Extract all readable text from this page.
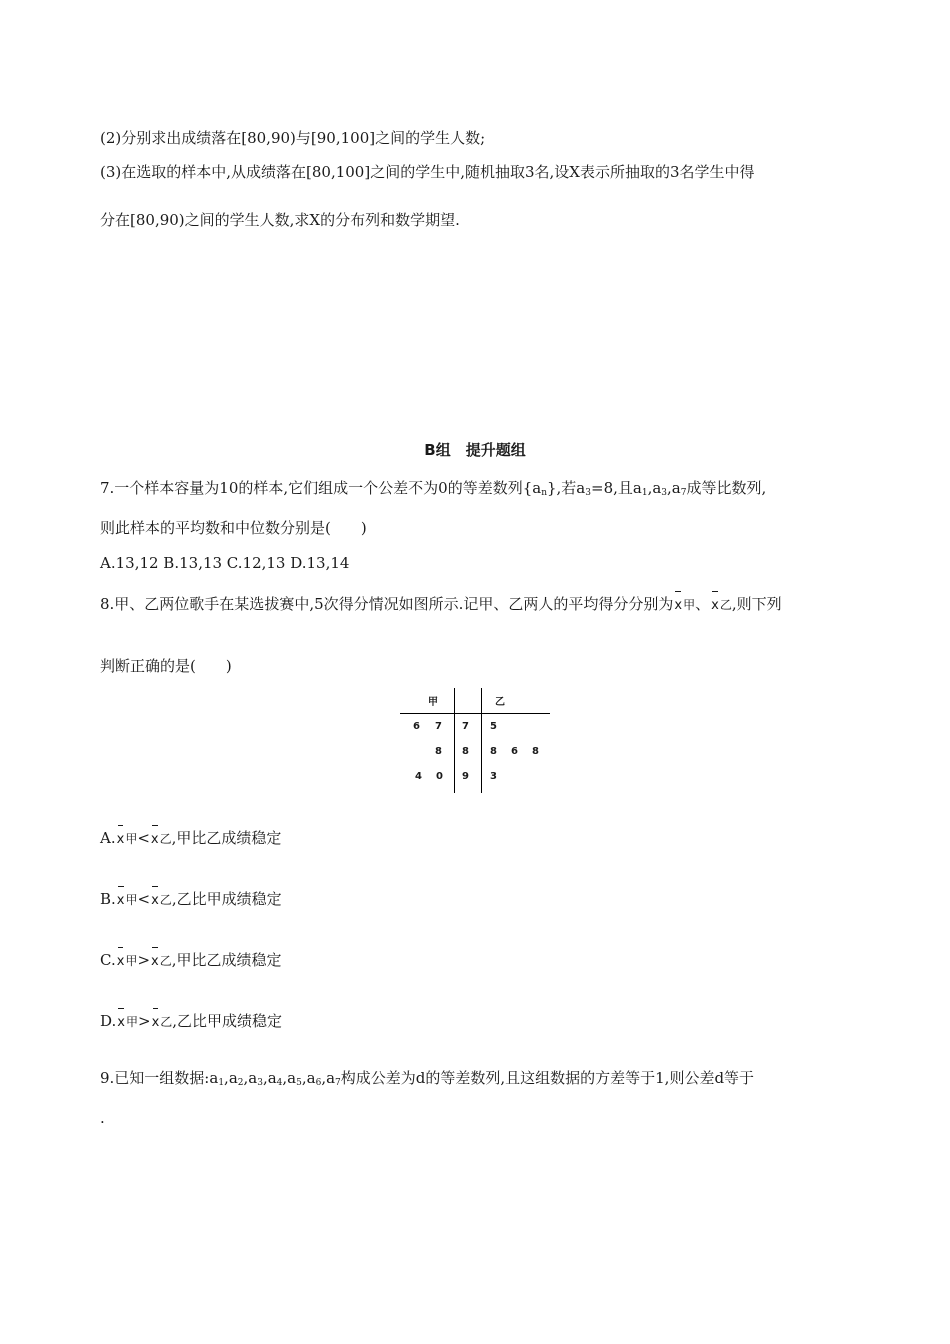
(2)分别求出成绩落在[80,90)与[90,100]之间的学生人数;
(3)在选取的样本中,从成绩落在[80,100]之间的学生中,随机抽取3名,设X表示所抽取的3名学生中得
分在[80,90)之间的学生人数,求X的分布列和数学期望.
B组　提升题组
7.一个样本容量为10的样本,它们组成一个公差不为0的等差数列$\{a_n\}$,若$a_3=8$,且$a_1,a_3,a_7$成等比数列,
则此样本的平均数和中位数分别是(　　)
A.13,12 B.13,13 C.12,13 D.13,14
8.甲、乙两位歌手在某选拔赛中,5次得分情况如图所示.记甲、乙两人的平均得分分别为x甲、x乙,则下列
判断正确的是(　　)
甲	乙
6 7 7 5
8 8 8 6 8
4 0 9 3
A.x甲<x乙,甲比乙成绩稳定
B.x甲<x乙,乙比甲成绩稳定
C.x甲>x乙,甲比乙成绩稳定
D.x甲>x乙,乙比甲成绩稳定
9.已知一组数据$:a_1,a_2,a_3,a_4,a_5,a_6,a_7$构成公差为d的等差数列,且这组数据的方差等于1,则公差d等于
.
